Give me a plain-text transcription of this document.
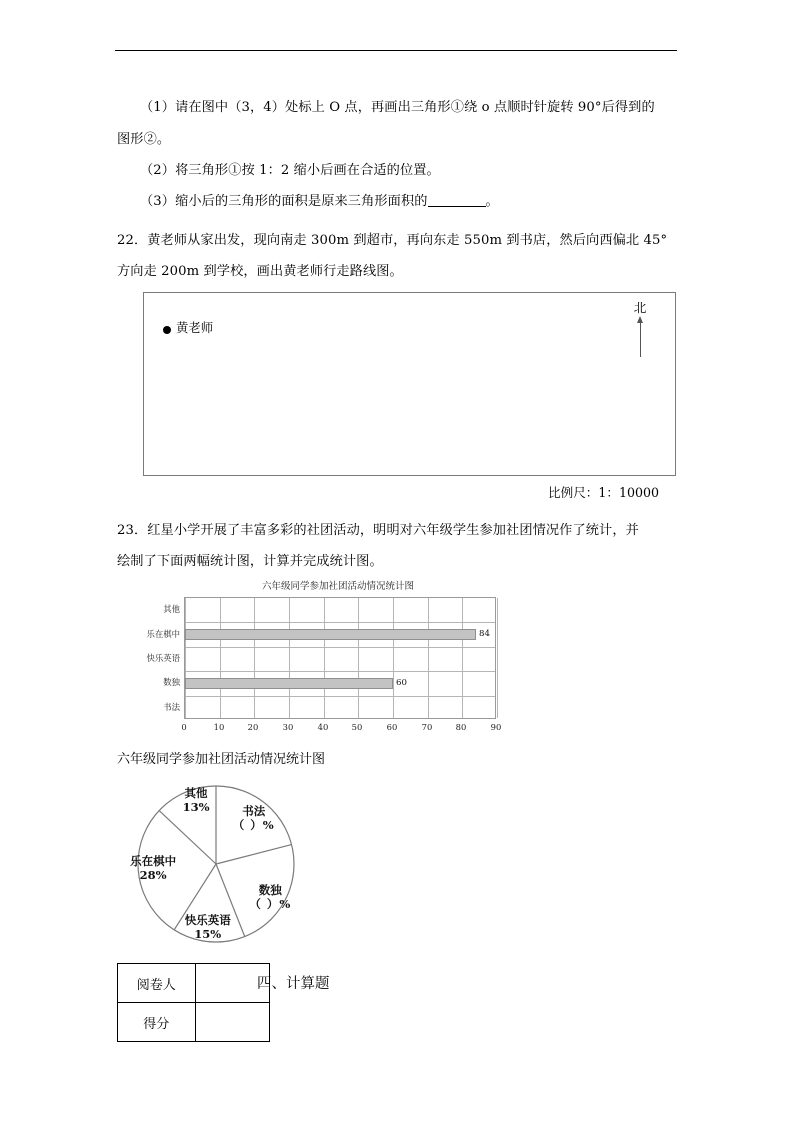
（1）请在图中（3，4）处标上 O 点，再画出三角形①绕 o 点顺时针旋转 90°后得到的
图形②。
（2）将三角形①按 1：2 缩小后画在合适的位置。
（3）缩小后的三角形的面积是原来三角形面积的	。
22．黄老师从家出发，现向南走 300m 到超市，再向东走 550m 到书店，然后向西偏北 45°
方向走 200m 到学校，画出黄老师行走路线图。
黄老师
北
比例尺：1：10000
23．红星小学开展了丰富多彩的社团活动，明明对六年级学生参加社团情况作了统计，并
绘制了下面两幅统计图，计算并完成统计图。
六年级同学参加社团活动情况统计图
书法
数独
快乐英语
乐在棋中
其他
60
84
0	10	20	30	40	50	60	70	80	90
六年级同学参加社团活动情况统计图
书法
（ ）%
数独
（ ）%
快乐英语
15%
乐在棋中
28%
其他
13%
阅卷人	
得分	
四、计算题
